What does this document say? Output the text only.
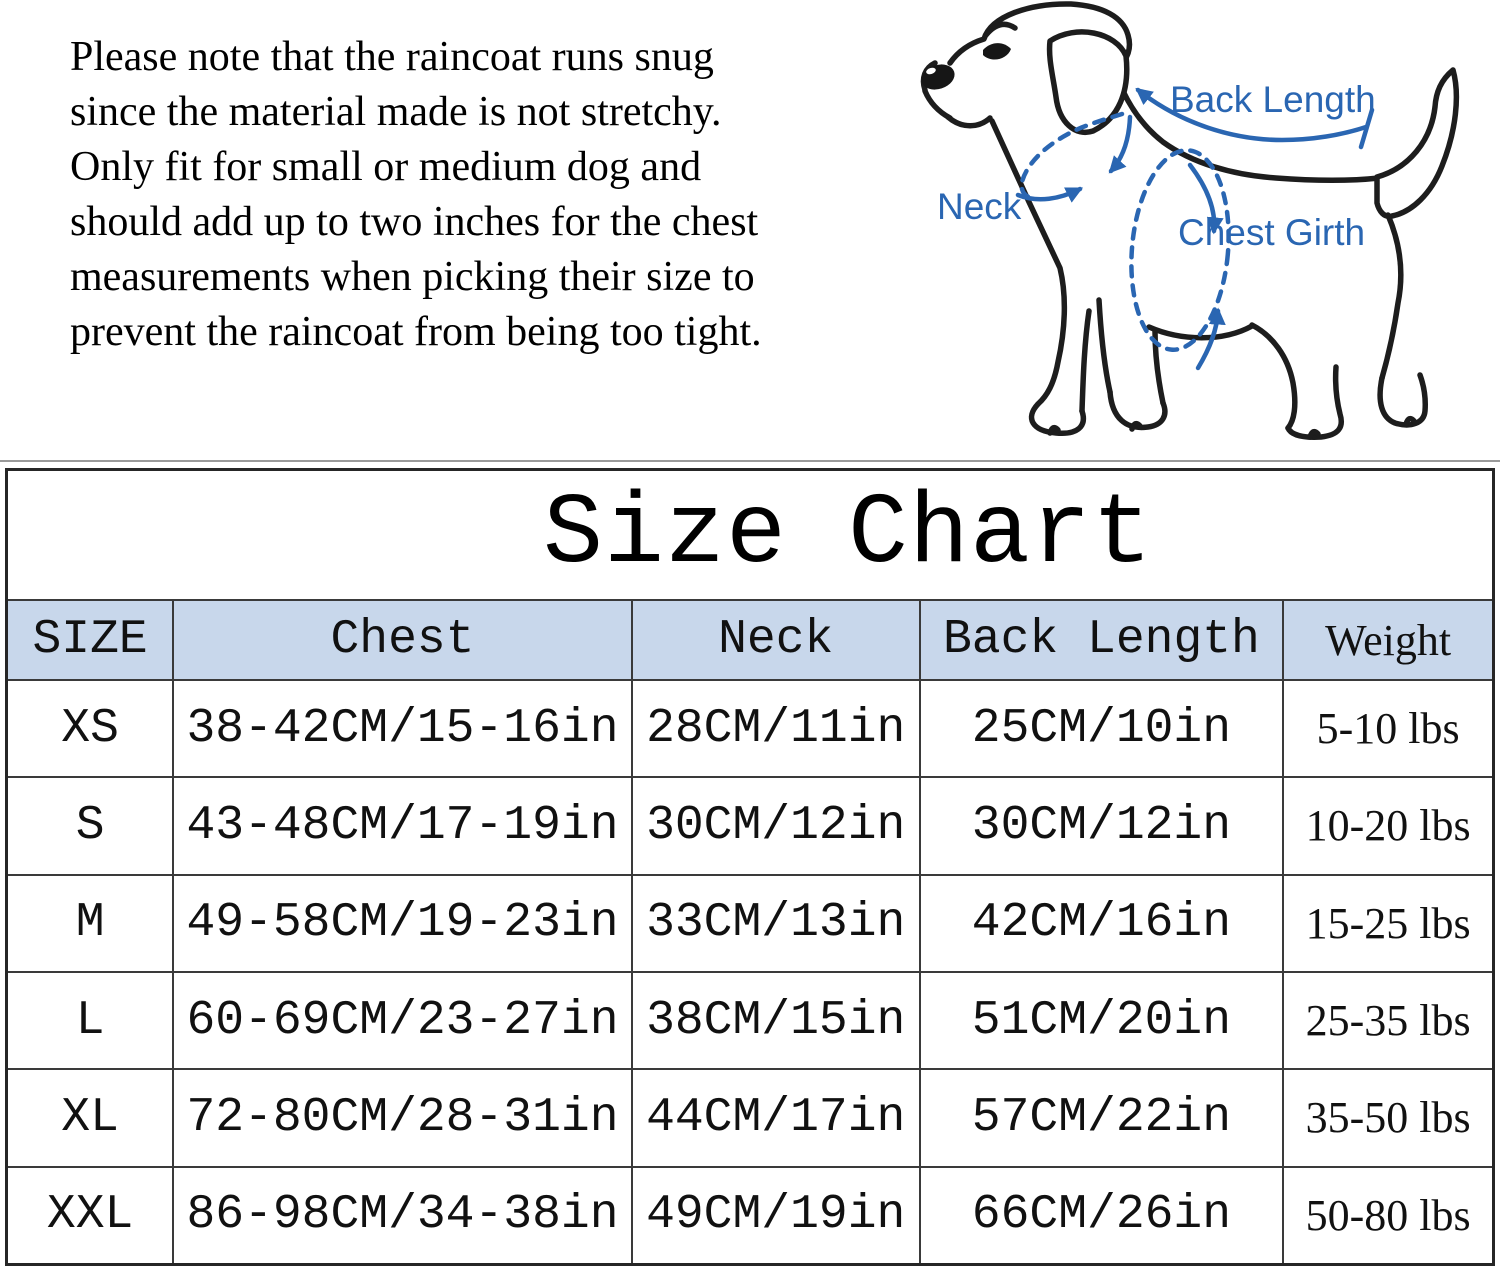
Please note that the raincoat runs snug
since the material made is not stretchy.
Only fit for small or medium dog and
should add up to two inches for the chest
measurements when picking their size to
prevent the raincoat from being too tight.
Back Length
Neck
Chest Girth
Size Chart
SIZE	Chest	Neck	Back Length	Weight
XS	38-42CM/15-16in 28CM/11in	25CM/10in	5-10 lbs
S	43-48CM/17-19in 30CM/12in	30CM/12in	10-20 lbs
M	49-58CM/19-23in 33CM/13in	42CM/16in	15-25 lbs
L	60-69CM/23-27in 38CM/15in	51CM/20in	25-35 lbs
XL	72-80CM/28-31in 44CM/17in	57CM/22in	35-50 lbs
XXL	86-98CM/34-38in 49CM/19in	66CM/26in	50-80 lbs
